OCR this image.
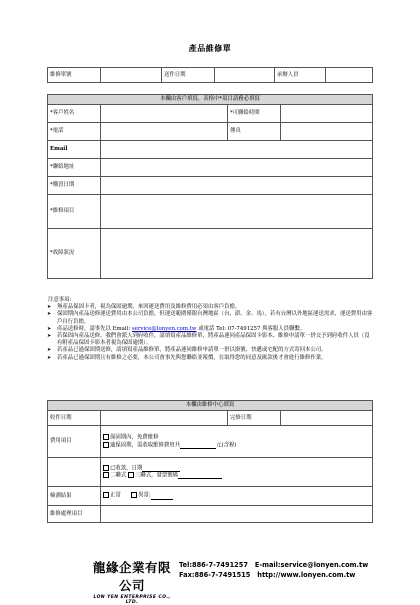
產品維修單
維修單號		送件日期		承辦人員	
本欄由客戶填寫，表格中*項目請務必填寫			
*客戶姓名		*可聯絡時間	
*電話		傳真	
Email			
*聯絡地址			
*購買日期			
*維修項目			
*故障狀況			
注意事項:
➤	無產品保固卡者，視為保固逾期，來回運送費用及維修費用必須由客戶負擔。
➤	保固期內產品送修運送費用由本公司負擔，但運送範圍僅限台灣地區（台、澎、金、馬），若有台灣以外地區運送需求，運送費用由客戶自行負擔。
➤	產品送修時，請事先以 Email: service@lonyen.com.tw 或電話 Tel: 07-7491257 與客服人員聯繫。
➤	若保固內產品送修，我們會派人到府收件，請填寫產品維修單，將產品連同產品保固卡影本、維修申請單一併交予到府收件人員（沒有附產品保固卡影本者視為保固逾期）。
➤	若產品已過保固期送修，請填寫產品維修單，將產品連同維修申請單一併以掛號、快遞或宅配的方式寄回本公司。
➤	若產品已過保固期且有維修之必要，本公司會事先與您聯絡並報價，在取得您的同意及匯款後才會進行維修作業。
本欄由維修中心填寫			
收件日期		完修日期	
費用項目	保固期內，免費維修
逾保固期，需收取維修費用共 元(含稅)		

	已收款，日期
二聯式 三聯式，發票號碼		

檢測結果	正常 異常:		
維修處理項目			
龍緣企業有限公司
LON YEN ENTERPRISE CO., LTD.
Tel:886-7-7491257 E-mail:service@lonyen.com.tw
Fax:886-7-7491515 http://www.lonyen.com.tw
